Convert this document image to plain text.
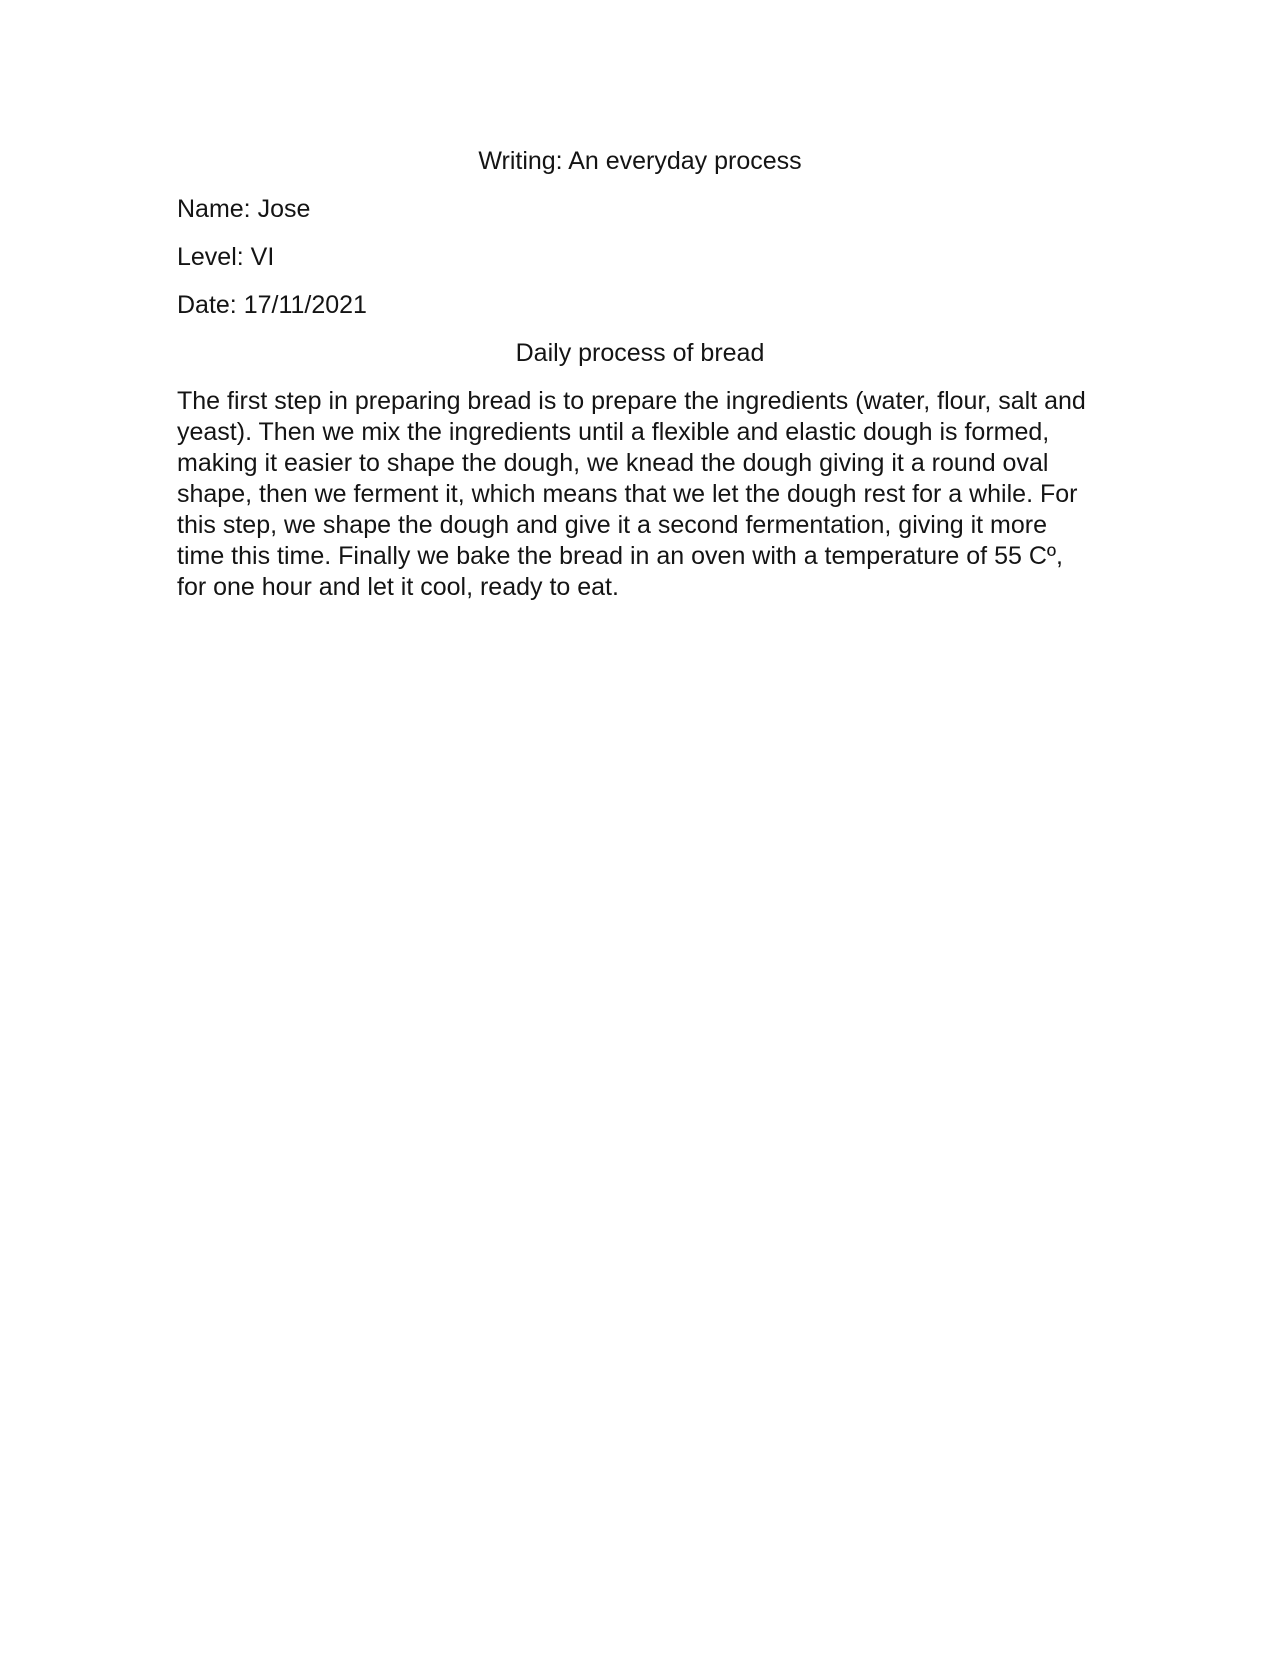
Writing: An everyday process
Name: Jose
Level: VI
Date: 17/11/2021
Daily process of bread
The first step in preparing bread is to prepare the ingredients (water, flour, salt and
yeast). Then we mix the ingredients until a flexible and elastic dough is formed,
making it easier to shape the dough, we knead the dough giving it a round oval
shape, then we ferment it, which means that we let the dough rest for a while. For
this step, we shape the dough and give it a second fermentation, giving it more
time this time. Finally we bake the bread in an oven with a temperature of 55 Cº,
for one hour and let it cool, ready to eat.
